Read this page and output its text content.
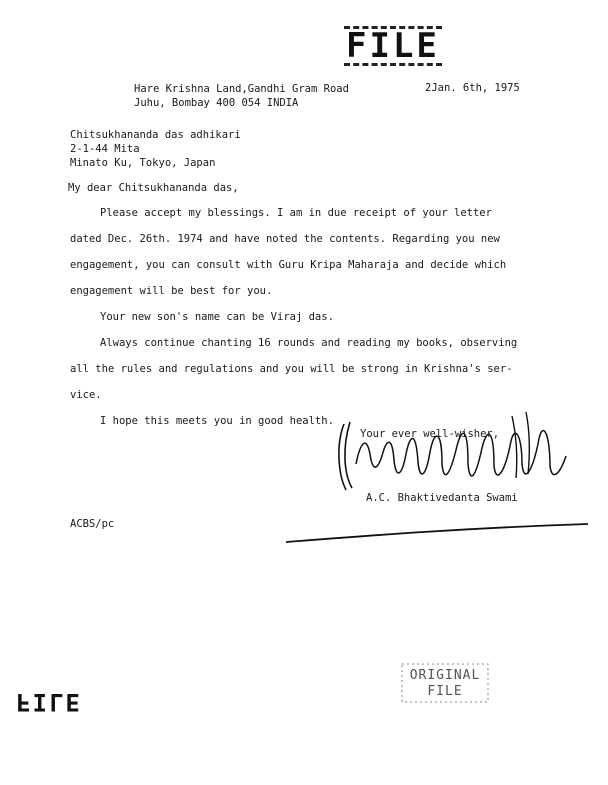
FILE
Hare Krishna Land,Gandhi Gram Road
Juhu, Bombay 400 054 INDIA
2Jan. 6th, 1975
Chitsukhananda das adhikari
2-1-44 Mita
Minato Ku, Tokyo, Japan
My dear Chitsukhananda das,

Please accept my blessings. I am in due receipt of your letter

dated Dec. 26th. 1974 and have noted the contents. Regarding you new

engagement, you can consult with Guru Kripa Maharaja and decide which

engagement will be best for you.

Your new son's name can be Viraj das.

Always continue chanting 16 rounds and reading my books, observing

all the rules and regulations and you will be strong in Krishna's ser-

vice.

I hope this meets you in good health.

Your ever well-wisher,
A.C. Bhaktivedanta Swami
ACBS/pc
ORIGINAL
FILE
FILE
